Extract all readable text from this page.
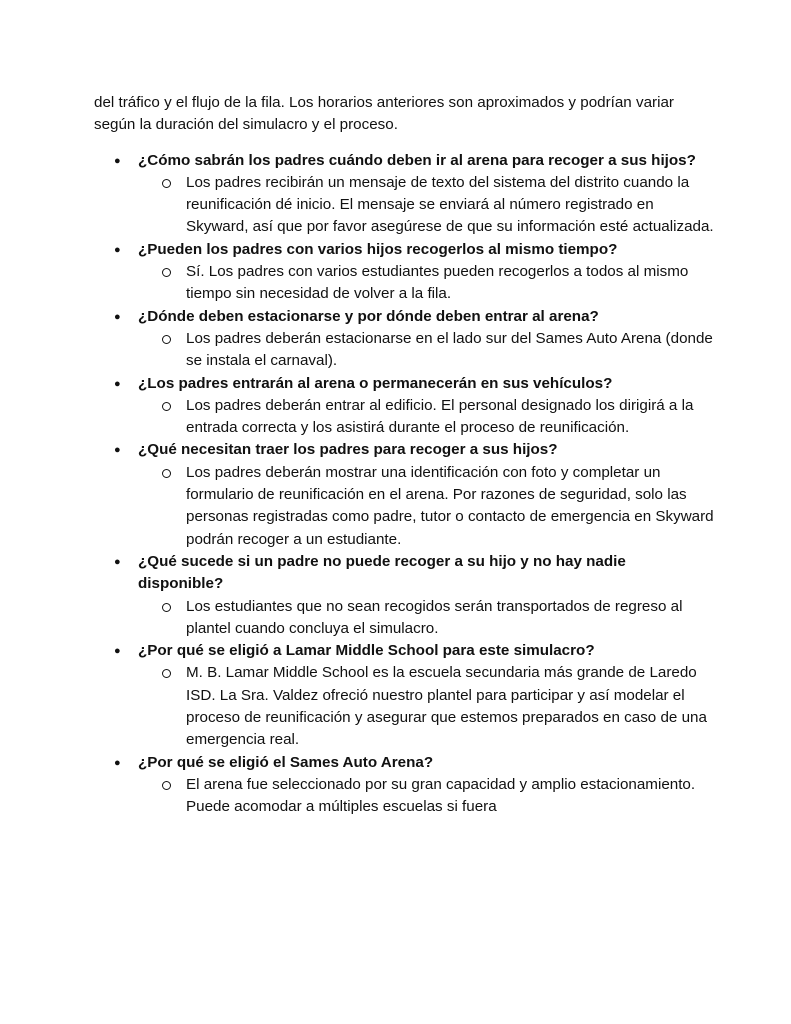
del tráfico y el flujo de la fila. Los horarios anteriores son aproximados y podrían variar según la duración del simulacro y el proceso.

● ¿Cómo sabrán los padres cuándo deben ir al arena para recoger a sus hijos?
Los padres recibirán un mensaje de texto del sistema del distrito cuando la reunificación dé inicio. El mensaje se enviará al número registrado en Skyward, así que por favor asegúrese de que su información esté actualizada.
● ¿Pueden los padres con varios hijos recogerlos al mismo tiempo?
Sí. Los padres con varios estudiantes pueden recogerlos a todos al mismo tiempo sin necesidad de volver a la fila.
● ¿Dónde deben estacionarse y por dónde deben entrar al arena?
Los padres deberán estacionarse en el lado sur del Sames Auto Arena (donde se instala el carnaval).
● ¿Los padres entrarán al arena o permanecerán en sus vehículos?
Los padres deberán entrar al edificio. El personal designado los dirigirá a la entrada correcta y los asistirá durante el proceso de reunificación.
● ¿Qué necesitan traer los padres para recoger a sus hijos?
Los padres deberán mostrar una identificación con foto y completar un formulario de reunificación en el arena. Por razones de seguridad, solo las personas registradas como padre, tutor o contacto de emergencia en Skyward podrán recoger a un estudiante.
● ¿Qué sucede si un padre no puede recoger a su hijo y no hay nadie disponible?
Los estudiantes que no sean recogidos serán transportados de regreso al plantel cuando concluya el simulacro.
● ¿Por qué se eligió a Lamar Middle School para este simulacro?
M. B. Lamar Middle School es la escuela secundaria más grande de Laredo ISD. La Sra. Valdez ofreció nuestro plantel para participar y así modelar el proceso de reunificación y asegurar que estemos preparados en caso de una emergencia real.
● ¿Por qué se eligió el Sames Auto Arena?
El arena fue seleccionado por su gran capacidad y amplio estacionamiento. Puede acomodar a múltiples escuelas si fuera
